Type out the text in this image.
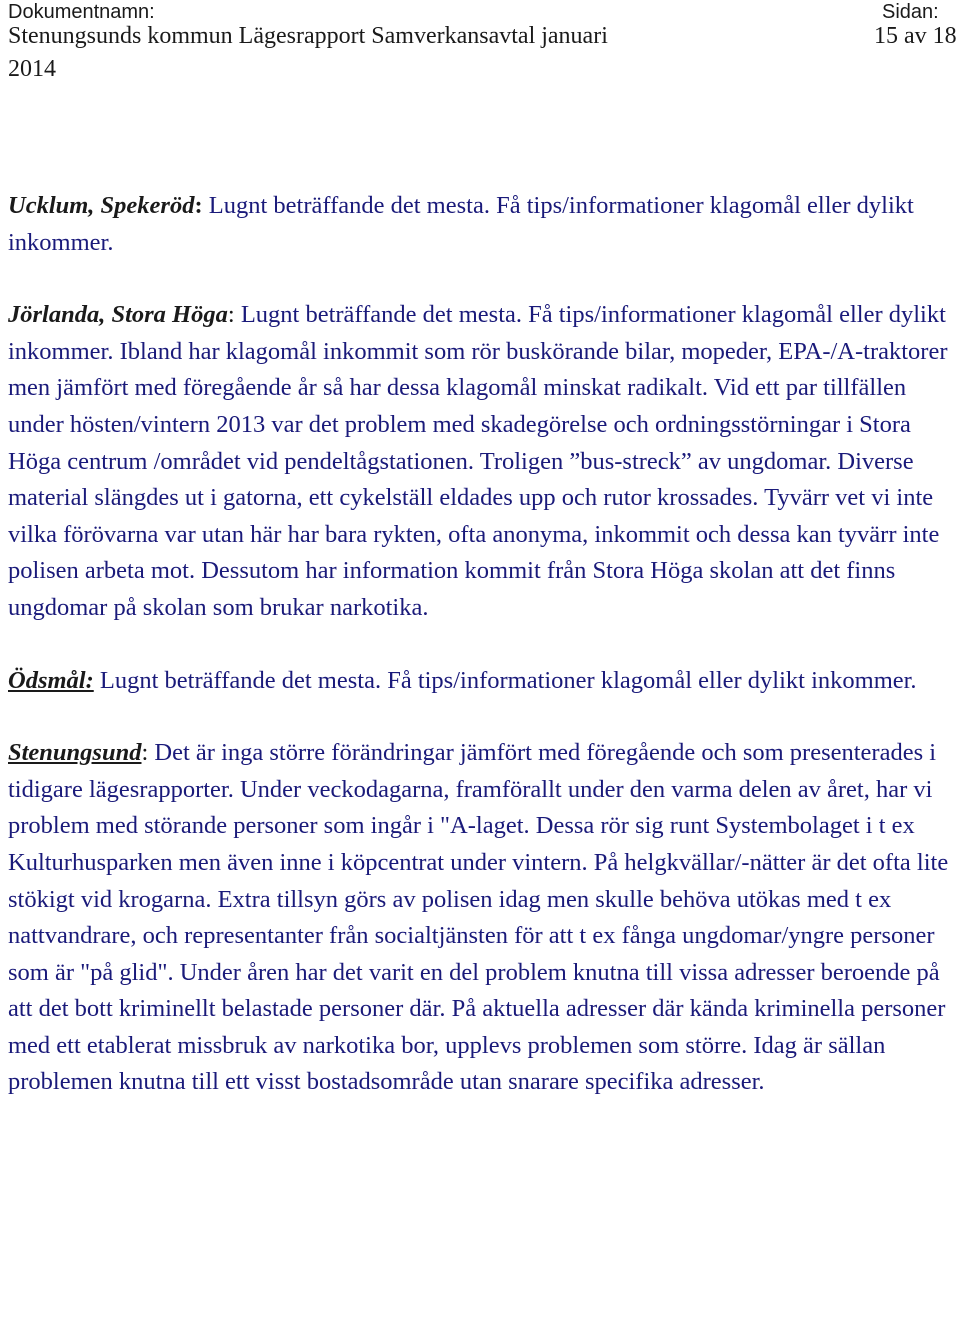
Dokumentnamn:
Stenungsunds kommun Lägesrapport Samverkansavtal januari
2014
Sidan:
15 av 18

Ucklum, Spekeröd: Lugnt beträffande det mesta. Få tips/informationer klagomål eller dylikt inkommer.

Jörlanda, Stora Höga: Lugnt beträffande det mesta. Få tips/informationer klagomål eller dylikt inkommer. Ibland har klagomål inkommit som rör buskörande bilar, mopeder, EPA-/A-traktorer men jämfört med föregående år så har dessa klagomål minskat radikalt. Vid ett par tillfällen under hösten/vintern 2013 var det problem med skadegörelse och ordningsstörningar i Stora Höga centrum /området vid pendeltågstationen. Troligen ”bus-streck” av ungdomar. Diverse material slängdes ut i gatorna, ett cykelställ eldades upp och rutor krossades. Tyvärr vet vi inte vilka förövarna var utan här har bara rykten, ofta anonyma, inkommit och dessa kan tyvärr inte polisen arbeta mot. Dessutom har information kommit från Stora Höga skolan att det finns ungdomar på skolan som brukar narkotika.

Ödsmål: Lugnt beträffande det mesta. Få tips/informationer klagomål eller dylikt inkommer.

Stenungsund: Det är inga större förändringar jämfört med föregående och som presenterades i tidigare lägesrapporter. Under veckodagarna, framförallt under den varma delen av året, har vi problem med störande personer som ingår i "A-laget. Dessa rör sig runt Systembolaget i t ex Kulturhusparken men även inne i köpcentrat under vintern. På helgkvällar/-nätter är det ofta lite stökigt vid krogarna. Extra tillsyn görs av polisen idag men skulle behöva utökas med t ex nattvandrare, och representanter från socialtjänsten för att t ex fånga ungdomar/yngre personer som är "på glid". Under åren har det varit en del problem knutna till vissa adresser beroende på att det bott kriminellt belastade personer där. På aktuella adresser där kända kriminella personer med ett etablerat missbruk av narkotika bor, upplevs problemen som större. Idag är sällan problemen knutna till ett visst bostadsområde utan snarare specifika adresser.
